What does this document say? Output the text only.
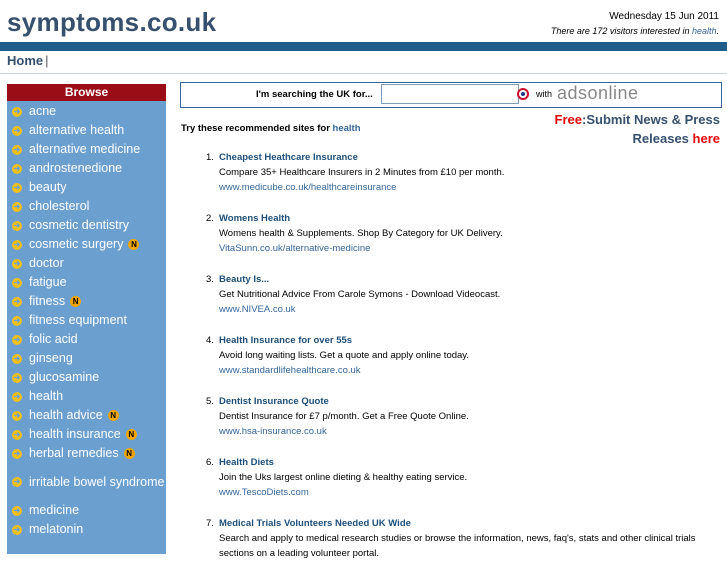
symptoms.co.uk	Wednesday 15 Jun 2011
There are 172 visitors interested in health.
Home |
Browse
➜ acne
➜ alternative health
➜ alternative medicine
➜ androstenedione
➜ beauty
➜ cholesterol
➜ cosmetic dentistry
➜ cosmetic surgery N
➜ doctor
➜ fatigue
➜ fitness N
➜ fitness equipment
➜ folic acid
➜ ginseng
➜ glucosamine
➜ health
➜ health advice N
➜ health insurance N
➜ herbal remedies N
➜ irritable bowel syndrome
➜ medicine
➜ melatonin
I'm searching the UK for...	with adsonline
Try these recommended sites for health
Free:Submit News & Press
Releases here
1. Cheapest Heathcare Insurance
Compare 35+ Healthcare Insurers in 2 Minutes from £10 per month.
www.medicube.co.uk/healthcareinsurance
2. Womens Health
Womens health & Supplements. Shop By Category for UK Delivery.
VitaSunn.co.uk/alternative-medicine
3. Beauty Is...
Get Nutritional Advice From Carole Symons - Download Videocast.
www.NIVEA.co.uk
4. Health Insurance for over 55s
Avoid long waiting lists. Get a quote and apply online today.
www.standardlifehealthcare.co.uk
5. Dentist Insurance Quote
Dentist Insurance for £7 p/month. Get a Free Quote Online.
www.hsa-insurance.co.uk
6. Health Diets
Join the Uks largest online dieting & healthy eating service.
www.TescoDiets.com
7. Medical Trials Volunteers Needed UK Wide
Search and apply to medical research studies or browse the information, news, faq's, stats and other clinical trials sections on a leading volunteer portal.
